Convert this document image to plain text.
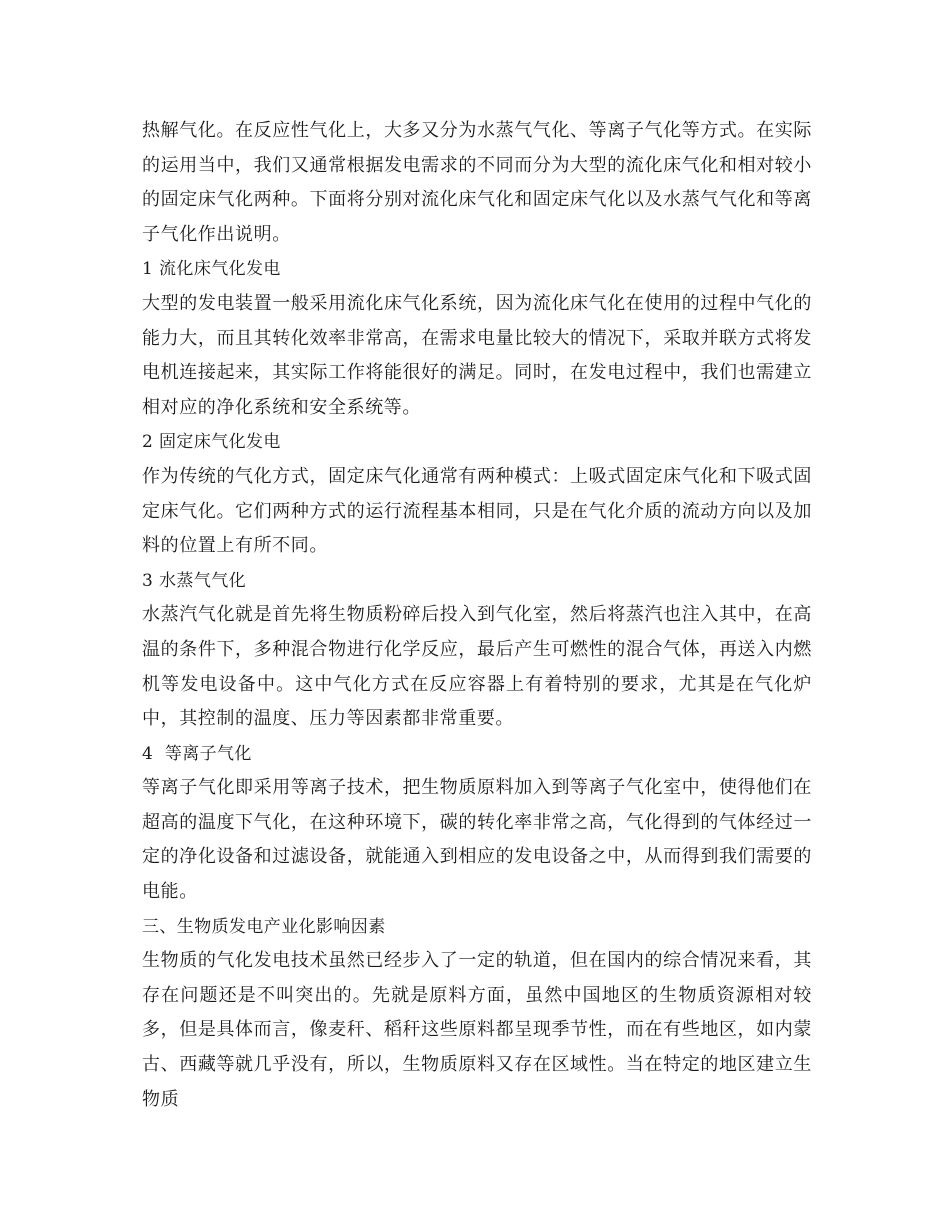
热解气化。在反应性气化上，大多又分为水蒸气气化、等离子气化等方式。在实际的运用当中，我们又通常根据发电需求的不同而分为大型的流化床气化和相对较小的固定床气化两种。下面将分别对流化床气化和固定床气化以及水蒸气气化和等离子气化作出说明。

1 流化床气化发电

大型的发电装置一般采用流化床气化系统，因为流化床气化在使用的过程中气化的能力大，而且其转化效率非常高，在需求电量比较大的情况下，采取并联方式将发电机连接起来，其实际工作将能很好的满足。同时，在发电过程中，我们也需建立相对应的净化系统和安全系统等。

2 固定床气化发电

作为传统的气化方式，固定床气化通常有两种模式：上吸式固定床气化和下吸式固定床气化。它们两种方式的运行流程基本相同，只是在气化介质的流动方向以及加料的位置上有所不同。

3 水蒸气气化

水蒸汽气化就是首先将生物质粉碎后投入到气化室，然后将蒸汽也注入其中，在高温的条件下，多种混合物进行化学反应，最后产生可燃性的混合气体，再送入内燃机等发电设备中。这中气化方式在反应容器上有着特别的要求，尤其是在气化炉中，其控制的温度、压力等因素都非常重要。

4  等离子气化

等离子气化即采用等离子技术，把生物质原料加入到等离子气化室中，使得他们在超高的温度下气化，在这种环境下，碳的转化率非常之高，气化得到的气体经过一定的净化设备和过滤设备，就能通入到相应的发电设备之中，从而得到我们需要的电能。

三、生物质发电产业化影响因素

生物质的气化发电技术虽然已经步入了一定的轨道，但在国内的综合情况来看，其存在问题还是不叫突出的。先就是原料方面，虽然中国地区的生物质资源相对较多，但是具体而言，像麦秆、稻秆这些原料都呈现季节性，而在有些地区，如内蒙古、西藏等就几乎没有，所以，生物质原料又存在区域性。当在特定的地区建立生物质
